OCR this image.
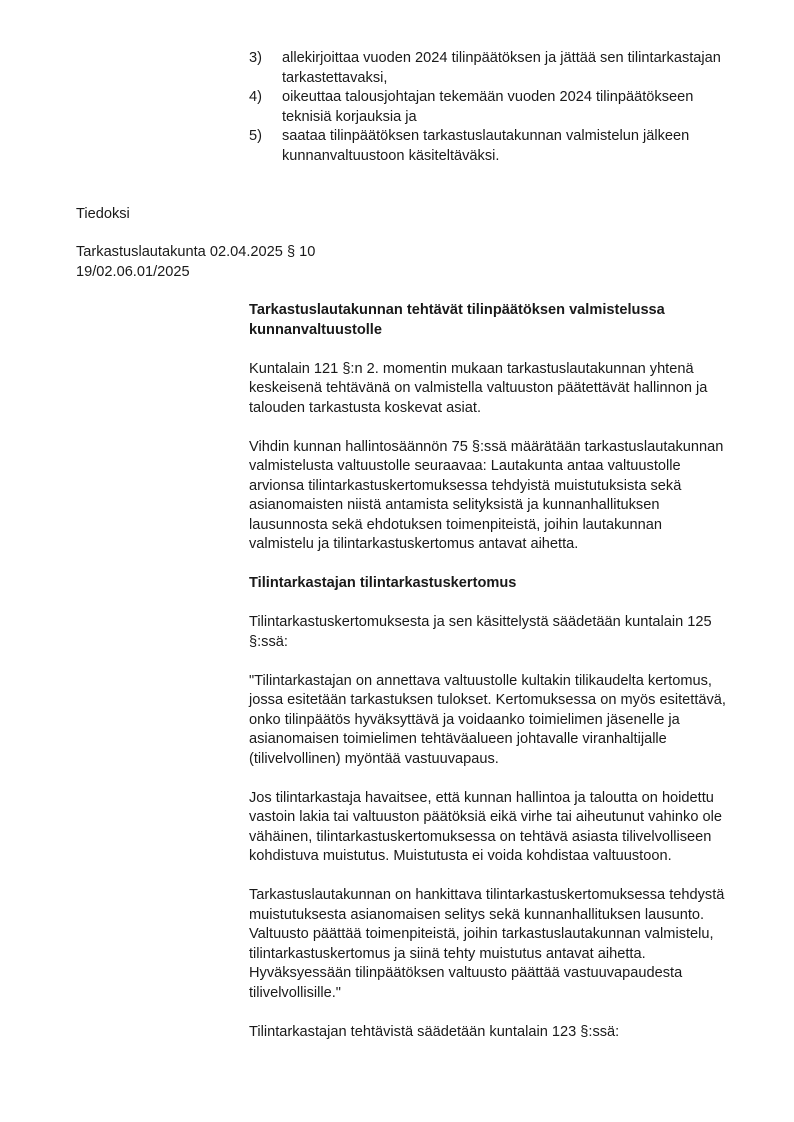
3) allekirjoittaa vuoden 2024 tilinpäätöksen ja jättää sen tilintarkastajan
tarkastettavaksi,
4) oikeuttaa talousjohtajan tekemään vuoden 2024 tilinpäätökseen
teknisiä korjauksia ja
5) saataa tilinpäätöksen tarkastuslautakunnan valmistelun jälkeen
kunnanvaltuustoon käsiteltäväksi.
Tiedoksi
Tarkastuslautakunta 02.04.2025 § 10
19/02.06.01/2025

Tarkastuslautakunnan tehtävät tilinpäätöksen valmistelussa
kunnanvaltuustolle

Kuntalain 121 §:n 2. momentin mukaan tarkastuslautakunnan yhtenä
keskeisenä tehtävänä on valmistella valtuuston päätettävät hallinnon ja
talouden tarkastusta koskevat asiat.

Vihdin kunnan hallintosäännön 75 §:ssä määrätään tarkastuslautakunnan
valmistelusta valtuustolle seuraavaa: Lautakunta antaa valtuustolle
arvionsa tilintarkastuskertomuksessa tehdyistä muistutuksista sekä
asianomaisten niistä antamista selityksistä ja kunnanhallituksen
lausunnosta sekä ehdotuksen toimenpiteistä, joihin lautakunnan
valmistelu ja tilintarkastuskertomus antavat aihetta.

Tilintarkastajan tilintarkastuskertomus

Tilintarkastuskertomuksesta ja sen käsittelystä säädetään kuntalain 125
§:ssä:

"Tilintarkastajan on annettava valtuustolle kultakin tilikaudelta kertomus,
jossa esitetään tarkastuksen tulokset. Kertomuksessa on myös esitettävä,
onko tilinpäätös hyväksyttävä ja voidaanko toimielimen jäsenelle ja
asianomaisen toimielimen tehtäväalueen johtavalle viranhaltijalle
(tilivelvollinen) myöntää vastuuvapaus.

Jos tilintarkastaja havaitsee, että kunnan hallintoa ja taloutta on hoidettu
vastoin lakia tai valtuuston päätöksiä eikä virhe tai aiheutunut vahinko ole
vähäinen, tilintarkastuskertomuksessa on tehtävä asiasta tilivelvolliseen
kohdistuva muistutus. Muistutusta ei voida kohdistaa valtuustoon.

Tarkastuslautakunnan on hankittava tilintarkastuskertomuksessa tehdystä
muistutuksesta asianomaisen selitys sekä kunnanhallituksen lausunto.
Valtuusto päättää toimenpiteistä, joihin tarkastuslautakunnan valmistelu,
tilintarkastuskertomus ja siinä tehty muistutus antavat aihetta.
Hyväksyessään tilinpäätöksen valtuusto päättää vastuuvapaudesta
tilivelvollisille."

Tilintarkastajan tehtävistä säädetään kuntalain 123 §:ssä:
